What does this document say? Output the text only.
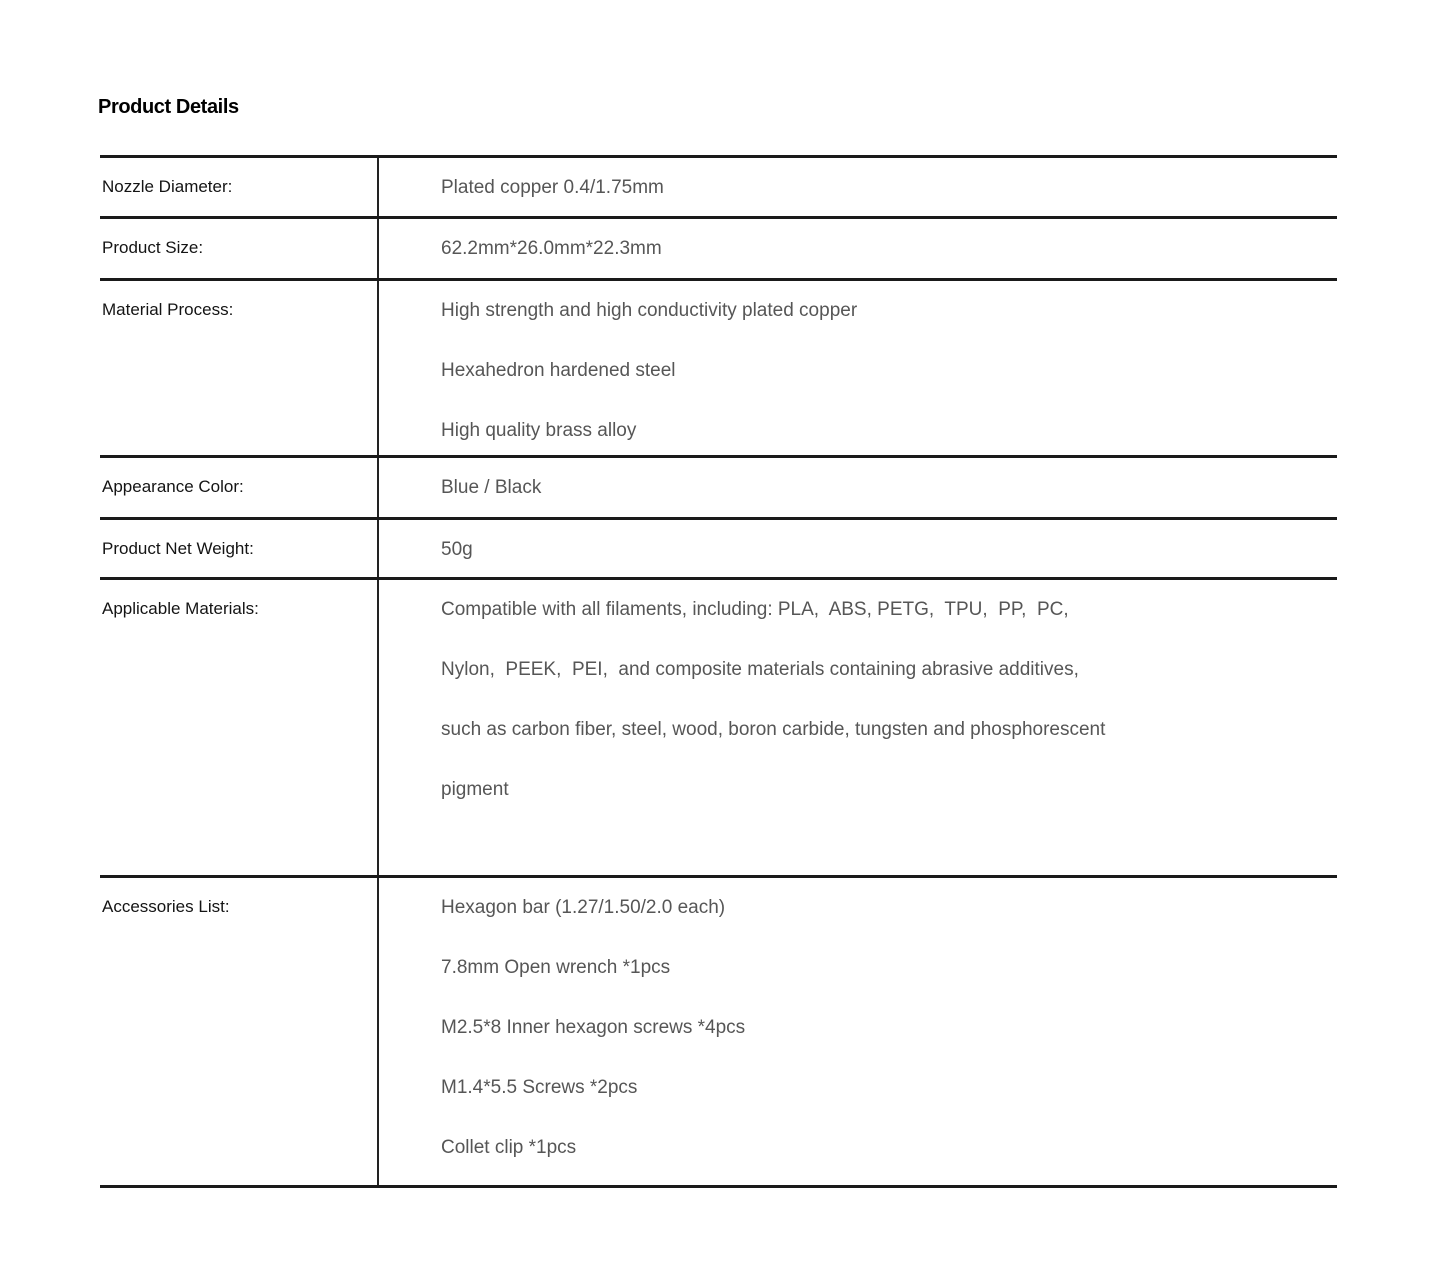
Product Details
Nozzle Diameter:	Plated copper 0.4/1.75mm
Product Size:	62.2mm*26.0mm*22.3mm
Material Process:	High strength and high conductivity plated copper
Hexahedron hardened steel
High quality brass alloy
Appearance Color:	Blue / Black
Product Net Weight:	50g
Applicable Materials:	Compatible with all filaments, including: PLA,  ABS, PETG,  TPU,  PP,  PC,
Nylon,  PEEK,  PEI,  and composite materials containing abrasive additives,
such as carbon fiber, steel, wood, boron carbide, tungsten and phosphorescent
pigment
Accessories List:	Hexagon bar (1.27/1.50/2.0 each)
7.8mm Open wrench *1pcs
M2.5*8 Inner hexagon screws *4pcs
M1.4*5.5 Screws *2pcs
Collet clip *1pcs
